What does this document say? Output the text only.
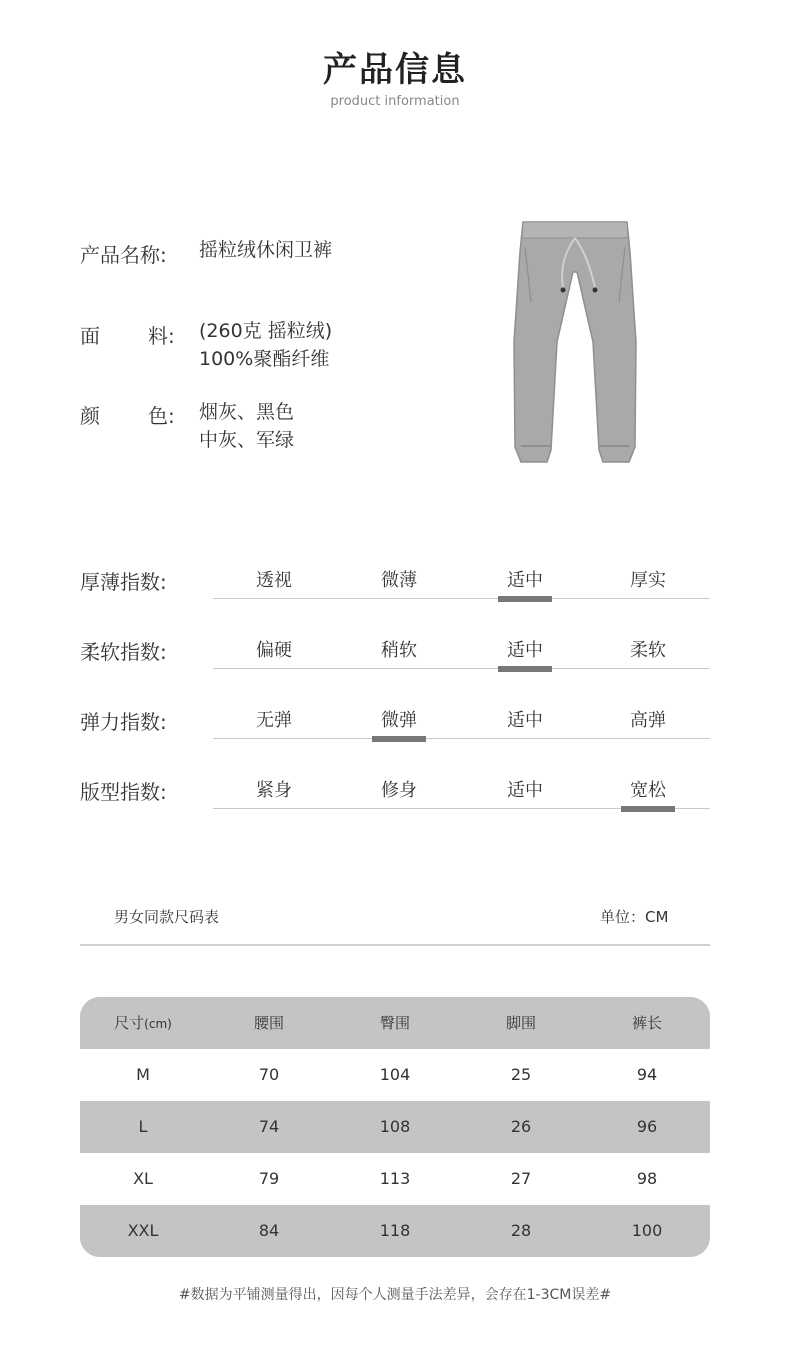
产品信息
product information
产品名称: 摇粒绒休闲卫裤
面 料: (260克 摇粒绒)
100%聚酯纤维
颜 色: 烟灰、黑色
中灰、军绿
厚薄指数:	透视	微薄	适中	厚实
柔软指数:	偏硬	稍软	适中	柔软
弹力指数:	无弹	微弹	适中	高弹
版型指数:	紧身	修身	适中	宽松
男女同款尺码表	单位：CM
尺寸(cm)	腰围	臀围	脚围	裤长
M	70	104	25	94
L	74	108	26	96
XL	79	113	27	98
XXL	84	118	28	100
#数据为平铺测量得出，因每个人测量手法差异，会存在1-3CM误差#
